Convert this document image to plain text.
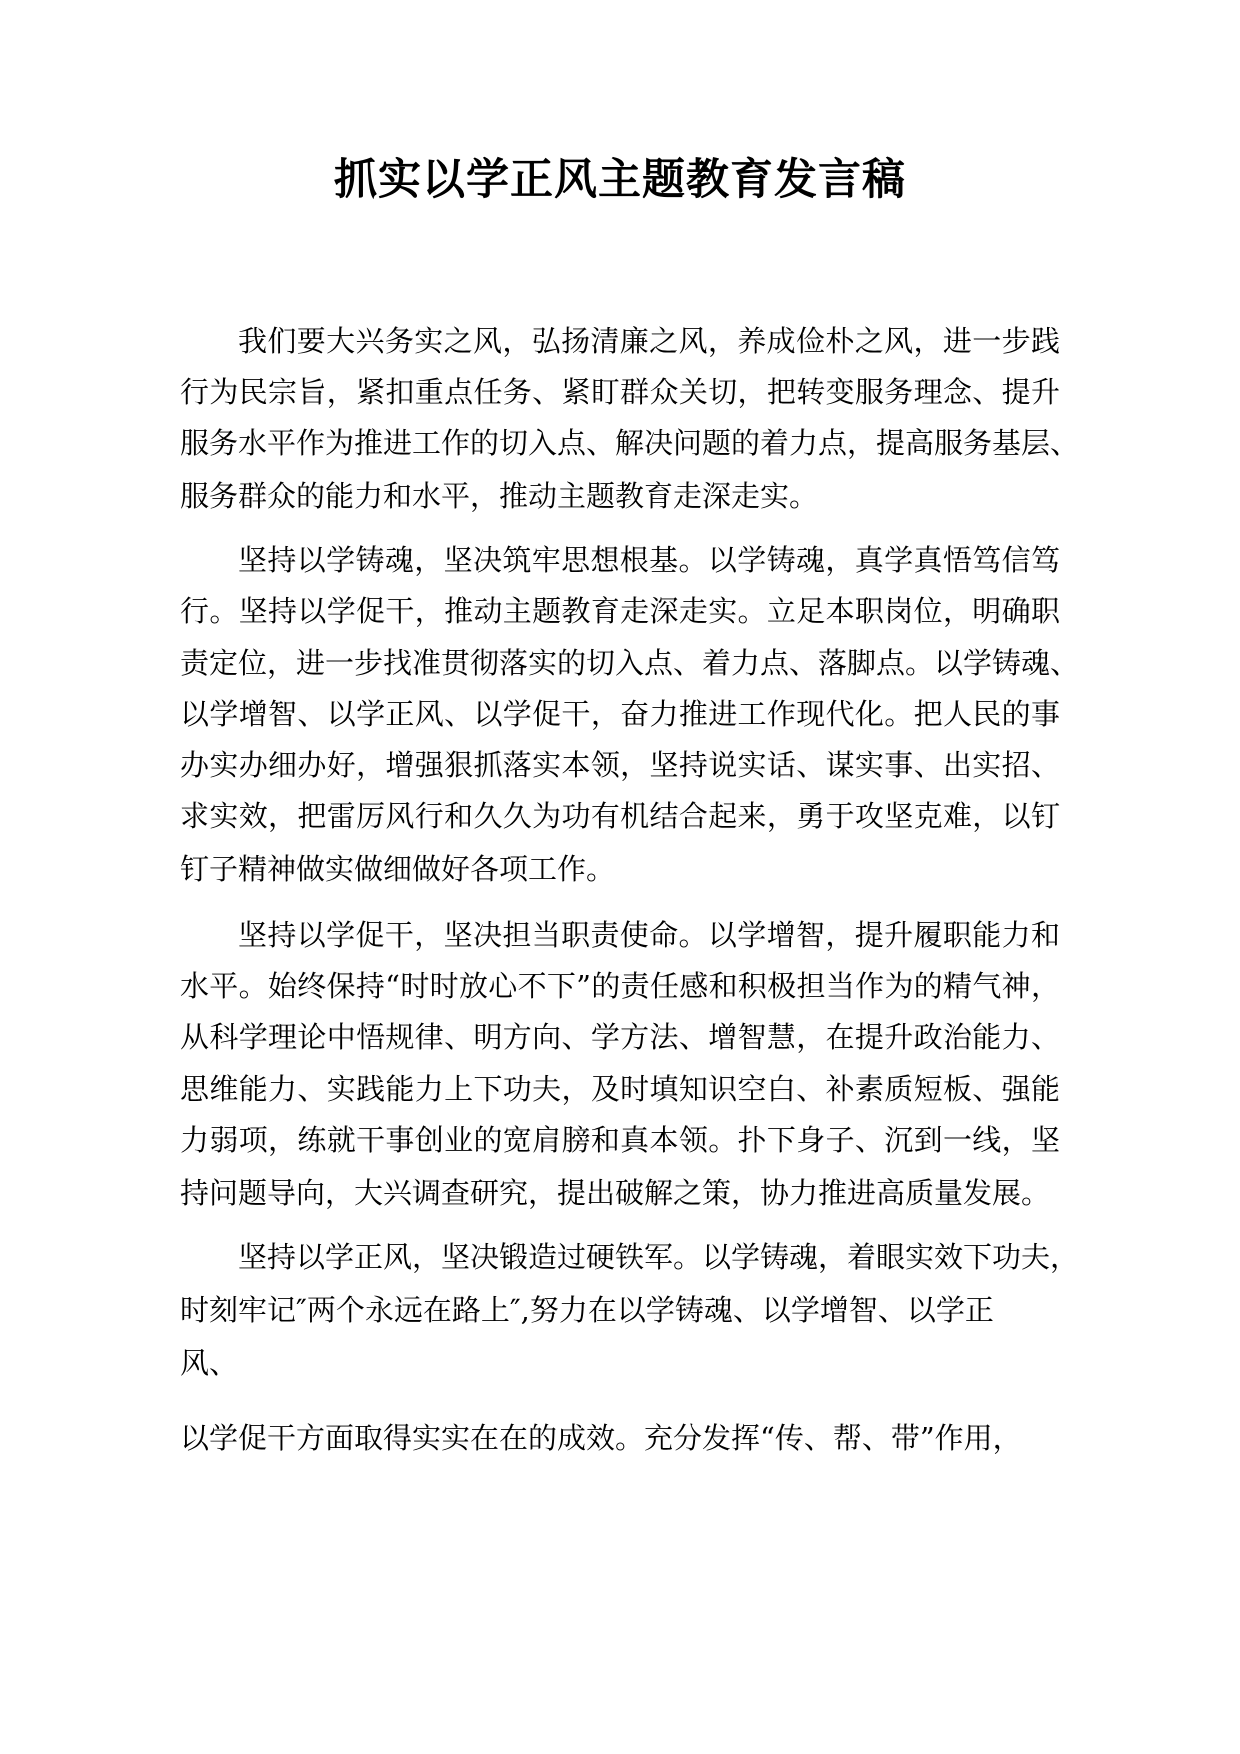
抓实以学正风主题教育发言稿
我们要大兴务实之风，弘扬清廉之风，养成俭朴之风，进一步践
行为民宗旨，紧扣重点任务、紧盯群众关切，把转变服务理念、提升
服务水平作为推进工作的切入点、解决问题的着力点，提高服务基层、
服务群众的能力和水平，推动主题教育走深走实。
坚持以学铸魂，坚决筑牢思想根基。以学铸魂，真学真悟笃信笃
行。坚持以学促干，推动主题教育走深走实。立足本职岗位，明确职
责定位，进一步找准贯彻落实的切入点、着力点、落脚点。以学铸魂、
以学增智、以学正风、以学促干，奋力推进工作现代化。把人民的事
办实办细办好，增强狠抓落实本领，坚持说实话、谋实事、出实招、
求实效，把雷厉风行和久久为功有机结合起来，勇于攻坚克难，以钉
钉子精神做实做细做好各项工作。
坚持以学促干，坚决担当职责使命。以学增智，提升履职能力和
水平。始终保持“时时放心不下”的责任感和积极担当作为的精气神，
从科学理论中悟规律、明方向、学方法、增智慧，在提升政治能力、
思维能力、实践能力上下功夫，及时填知识空白、补素质短板、强能
力弱项，练就干事创业的宽肩膀和真本领。扑下身子、沉到一线，坚
持问题导向，大兴调查研究，提出破解之策，协力推进高质量发展。
坚持以学正风，坚决锻造过硬铁军。以学铸魂，着眼实效下功夫，
时刻牢记″两个永远在路上″,努力在以学铸魂、以学增智、以学正
风、
以学促干方面取得实实在在的成效。充分发挥“传、帮、带”作用，
